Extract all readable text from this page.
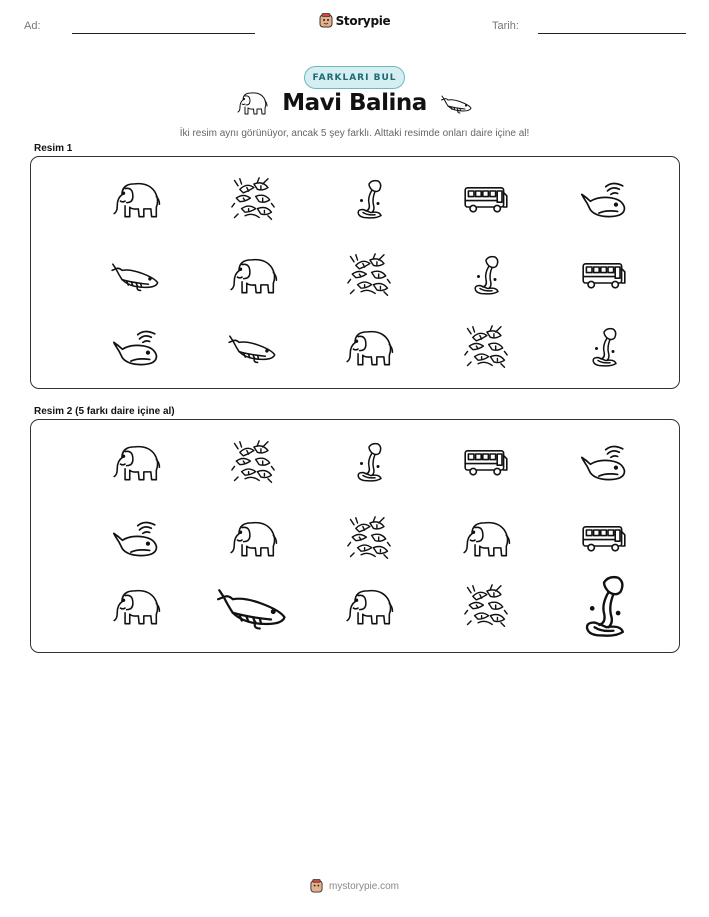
Ad:	Storypie	Tarih:
FARKLARI BUL
Mavi Balina

İki resim aynı görünüyor, ancak 5 şey farklı. Alttaki resimde onları daire içine al!

Resim 1
Resim 2 (5 farkı daire içine al)
mystorypie.com
